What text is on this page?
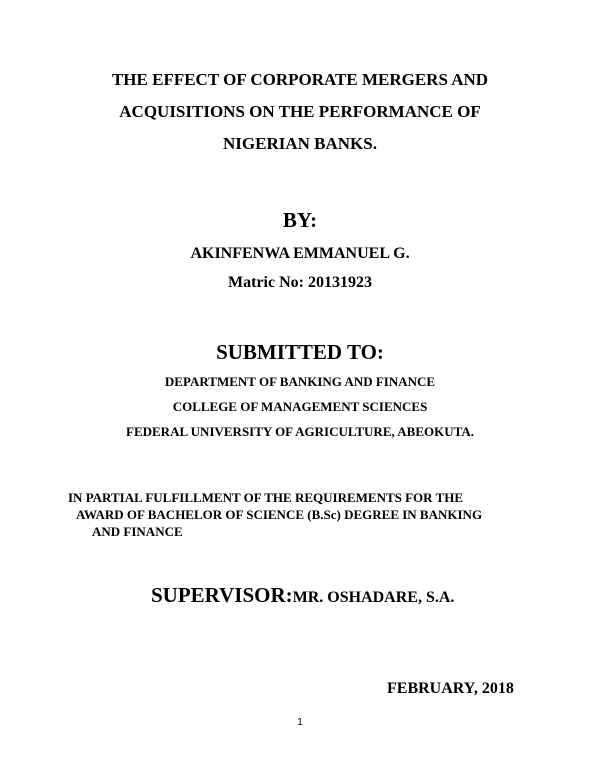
THE EFFECT OF CORPORATE MERGERS AND
ACQUISITIONS ON THE PERFORMANCE OF
NIGERIAN BANKS.
BY:
AKINFENWA EMMANUEL G.
Matric No: 20131923
SUBMITTED TO:
DEPARTMENT OF BANKING AND FINANCE
COLLEGE OF MANAGEMENT SCIENCES
FEDERAL UNIVERSITY OF AGRICULTURE, ABEOKUTA.
IN PARTIAL FULFILLMENT OF THE REQUIREMENTS FOR THE
AWARD OF BACHELOR OF SCIENCE (B.Sc) DEGREE IN BANKING
AND FINANCE
SUPERVISOR:MR. OSHADARE, S.A.
FEBRUARY, 2018
1
